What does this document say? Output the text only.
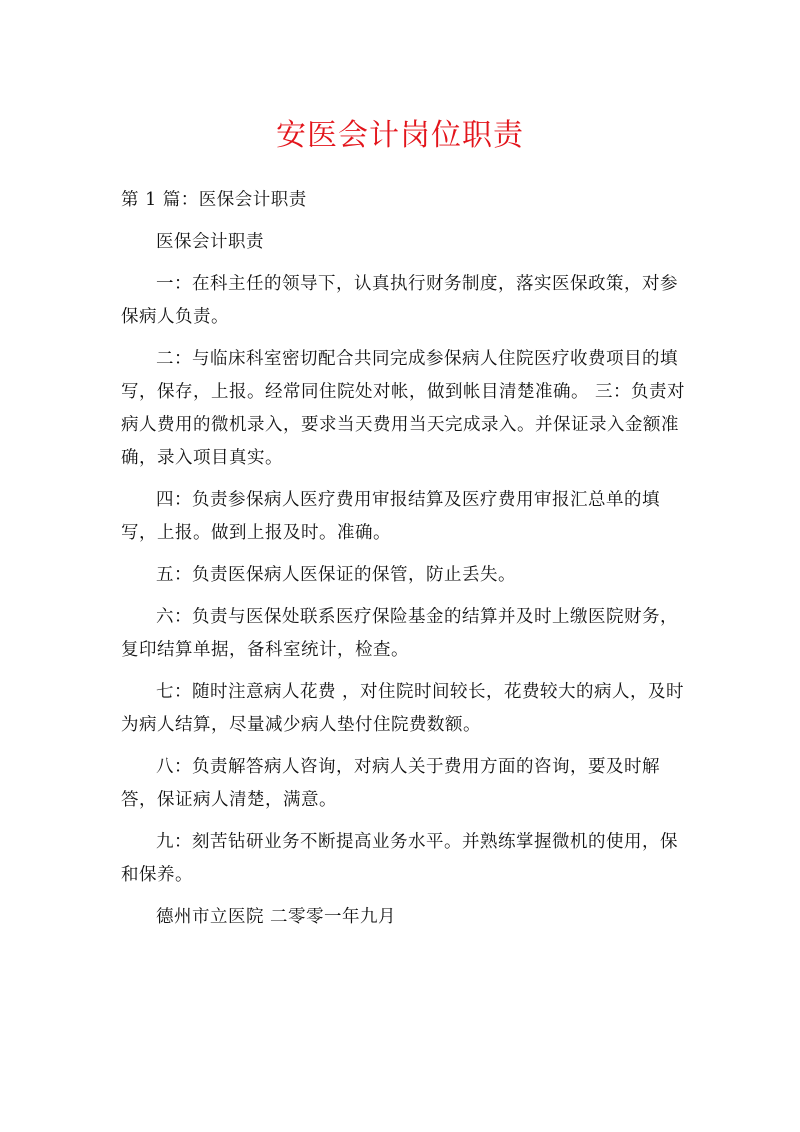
安医会计岗位职责

第 1 篇：医保会计职责

医保会计职责

一：在科主任的领导下，认真执行财务制度，落实医保政策，对参保病人负责。

二：与临床科室密切配合共同完成参保病人住院医疗收费项目的填写，保存，上报。经常同住院处对帐，做到帐目清楚准确。 三：负责对病人费用的微机录入，要求当天费用当天完成录入。并保证录入金额准确，录入项目真实。

四：负责参保病人医疗费用审报结算及医疗费用审报汇总单的填写，上报。做到上报及时。准确。

五：负责医保病人医保证的保管，防止丢失。

六：负责与医保处联系医疗保险基金的结算并及时上缴医院财务，复印结算单据，备科室统计，检查。

七：随时注意病人花费 ，对住院时间较长，花费较大的病人，及时为病人结算，尽量减少病人垫付住院费数额。

八：负责解答病人咨询，对病人关于费用方面的咨询，要及时解答，保证病人清楚，满意。

九：刻苦钻研业务不断提高业务水平。并熟练掌握微机的使用，保和保养。

德州市立医院 二零零一年九月
